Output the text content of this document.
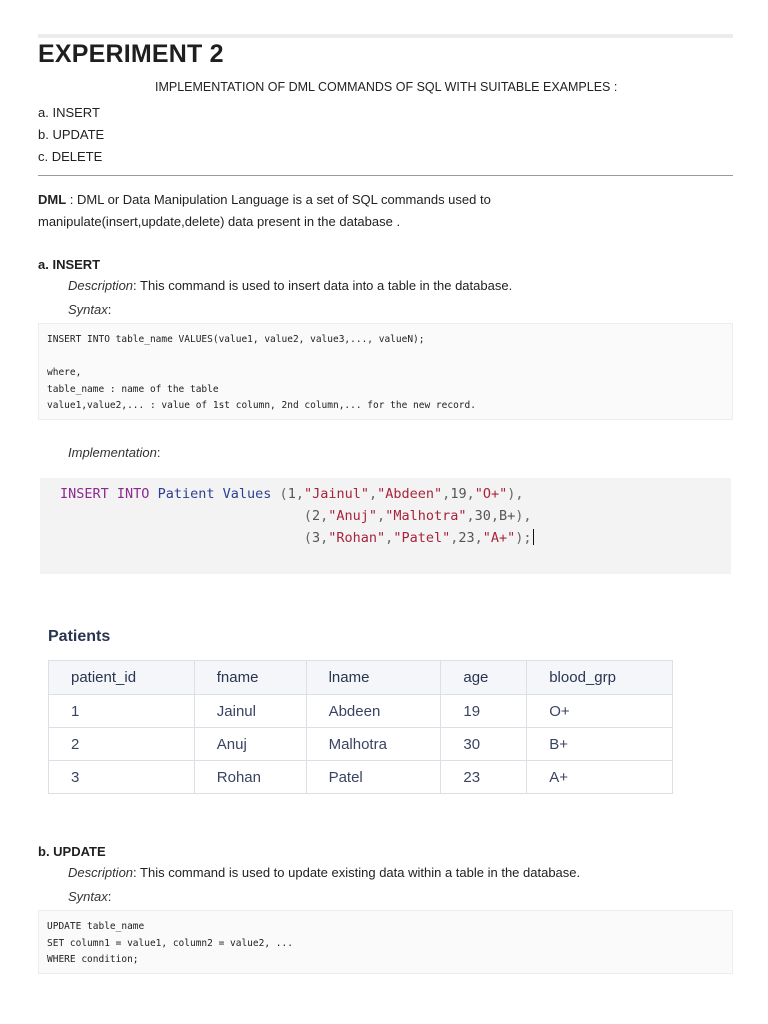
EXPERIMENT 2
IMPLEMENTATION OF DML COMMANDS OF SQL WITH SUITABLE EXAMPLES :
a. INSERT
b. UPDATE
c. DELETE
DML : DML or Data Manipulation Language is a set of SQL commands used to manipulate(insert,update,delete) data present in the database .
a. INSERT
Description: This command is used to insert data into a table in the database.
Syntax:
INSERT INTO table_name VALUES(value1, value2, value3,..., valueN);

where,
table_name : name of the table
value1,value2,... : value of 1st column, 2nd column,... for the new record.
Implementation:
INSERT INTO Patient Values (1,"Jainul","Abdeen",19,"O+"),
(2,"Anuj","Malhotra",30,B+),
(3,"Rohan","Patel",23,"A+");
Patients
patient_id	fname	lname	age	blood_grp
1	Jainul	Abdeen	19	O+
2	Anuj	Malhotra	30	B+
3	Rohan	Patel	23	A+
b. UPDATE
Description: This command is used to update existing data within a table in the database.
Syntax:
UPDATE table_name
SET column1 = value1, column2 = value2, ...
WHERE condition;
